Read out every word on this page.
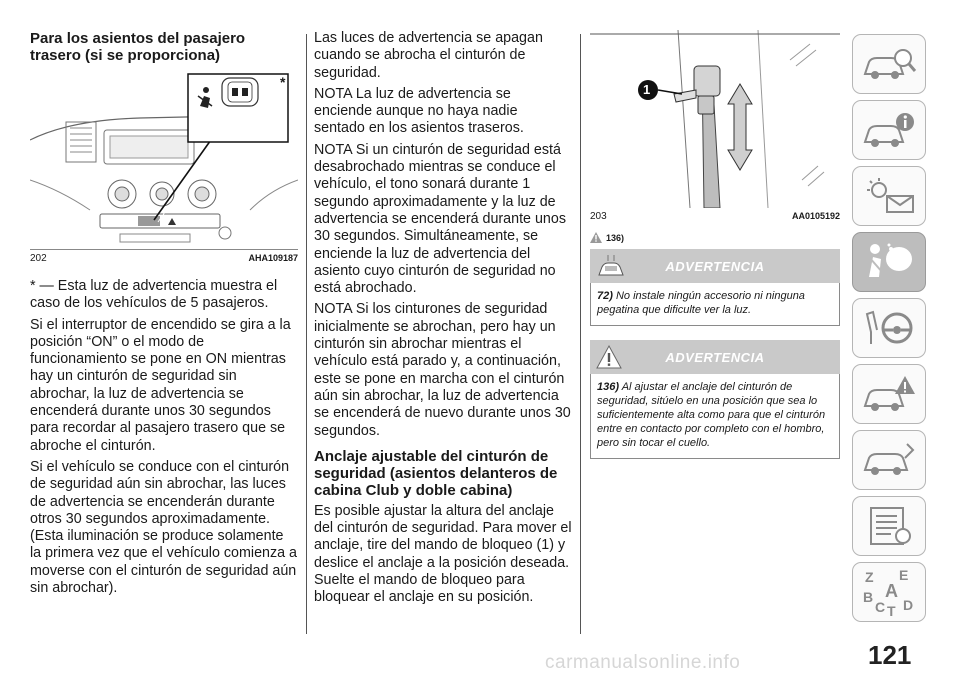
Para los asientos del pasajero trasero (si se proporciona)
*
202	AHA109187

* — Esta luz de advertencia muestra el caso de los vehículos de 5 pasajeros.

Si el interruptor de encendido se gira a la posición “ON” o el modo de funcionamiento se pone en ON mientras hay un cinturón de seguridad sin abrochar, la luz de advertencia se encenderá durante unos 30 segundos para recordar al pasajero trasero que se abroche el cinturón.

Si el vehículo se conduce con el cinturón de seguridad aún sin abrochar, las luces de advertencia se encenderán durante otros 30 segundos aproximadamente. (Esta iluminación se produce solamente la primera vez que el vehículo comienza a moverse con el cinturón de seguridad aún sin abrochar).

Las luces de advertencia se apagan cuando se abrocha el cinturón de seguridad.

NOTA La luz de advertencia se enciende aunque no haya nadie sentado en los asientos traseros.

NOTA Si un cinturón de seguridad está desabrochado mientras se conduce el vehículo, el tono sonará durante 1 segundo aproximadamente y la luz de advertencia se encenderá durante unos 30 segundos. Simultáneamente, se enciende la luz de advertencia del asiento cuyo cinturón de seguridad no está abrochado.

NOTA Si los cinturones de seguridad inicialmente se abrochan, pero hay un cinturón sin abrochar mientras el vehículo está parado y, a continuación, este se pone en marcha con el cinturón aún sin abrochar, la luz de advertencia se encenderá de nuevo durante unos 30 segundos.

Anclaje ajustable del cinturón de seguridad (asientos delanteros de cabina Club y doble cabina)

Es posible ajustar la altura del anclaje del cinturón de seguridad. Para mover el anclaje, tire del mando de bloqueo (1) y deslice el anclaje a la posición deseada. Suelte el mando de bloqueo para bloquear el anclaje en su posición.

1
203	AA0105192
136)
ADVERTENCIA
72) No instale ningún accesorio ni ninguna pegatina que dificulte ver la luz.
ADVERTENCIA
136) Al ajustar el anclaje del cinturón de seguridad, sitúelo en una posición que sea lo suficientemente alta como para que el cinturón entre en contacto por completo con el hombro, pero sin tocar el cuello.
Z E
A
B
C D
T
121
carmanualsonline.info
